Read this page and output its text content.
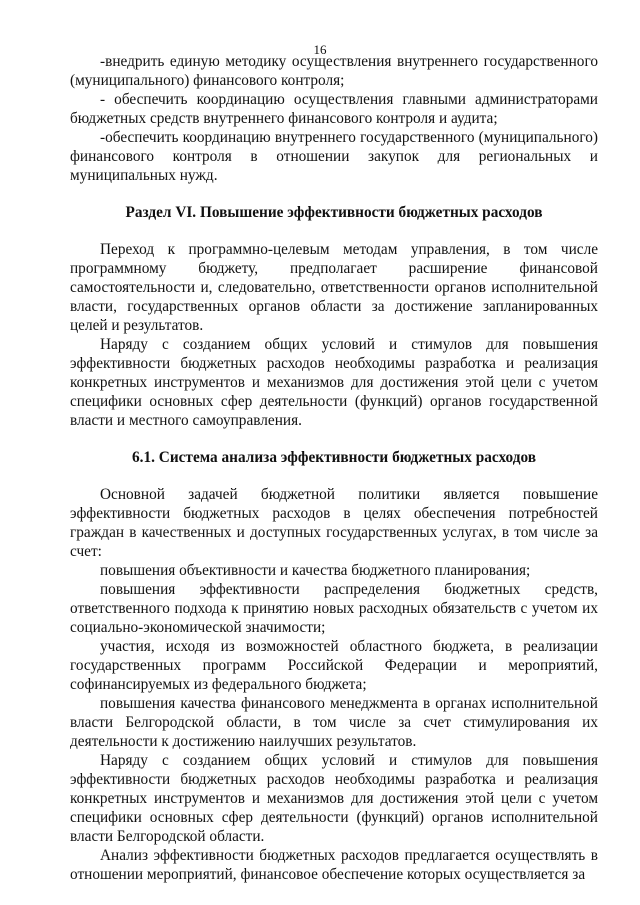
16

-внедрить единую методику осуществления внутреннего государственного (муниципального) финансового контроля;

- обеспечить координацию осуществления главными администраторами бюджетных средств внутреннего финансового контроля и аудита;

-обеспечить координацию внутреннего государственного (муниципального) финансового контроля в отношении закупок для региональных и муниципальных нужд.

Раздел VI. Повышение эффективности бюджетных расходов

Переход к программно-целевым методам управления, в том числе программному бюджету, предполагает расширение финансовой самостоятельности и, следовательно, ответственности органов исполнительной власти, государственных органов области за достижение запланированных целей и результатов.

Наряду с созданием общих условий и стимулов для повышения эффективности бюджетных расходов необходимы разработка и реализация конкретных инструментов и механизмов для достижения этой цели с учетом специфики основных сфер деятельности (функций) органов государственной власти и местного самоуправления.

6.1. Система анализа эффективности бюджетных расходов

Основной задачей бюджетной политики является повышение эффективности бюджетных расходов в целях обеспечения потребностей граждан в качественных и доступных государственных услугах, в том числе за счет:

повышения объективности и качества бюджетного планирования;

повышения эффективности распределения бюджетных средств, ответственного подхода к принятию новых расходных обязательств с учетом их социально-экономической значимости;

участия, исходя из возможностей областного бюджета, в реализации государственных программ Российской Федерации и мероприятий, софинансируемых из федерального бюджета;

повышения качества финансового менеджмента в органах исполнительной власти Белгородской области, в том числе за счет стимулирования их деятельности к достижению наилучших результатов.

Наряду с созданием общих условий и стимулов для повышения эффективности бюджетных расходов необходимы разработка и реализация конкретных инструментов и механизмов для достижения этой цели с учетом специфики основных сфер деятельности (функций) органов исполнительной власти Белгородской области.

Анализ эффективности бюджетных расходов предлагается осуществлять в отношении мероприятий, финансовое обеспечение которых осуществляется за
